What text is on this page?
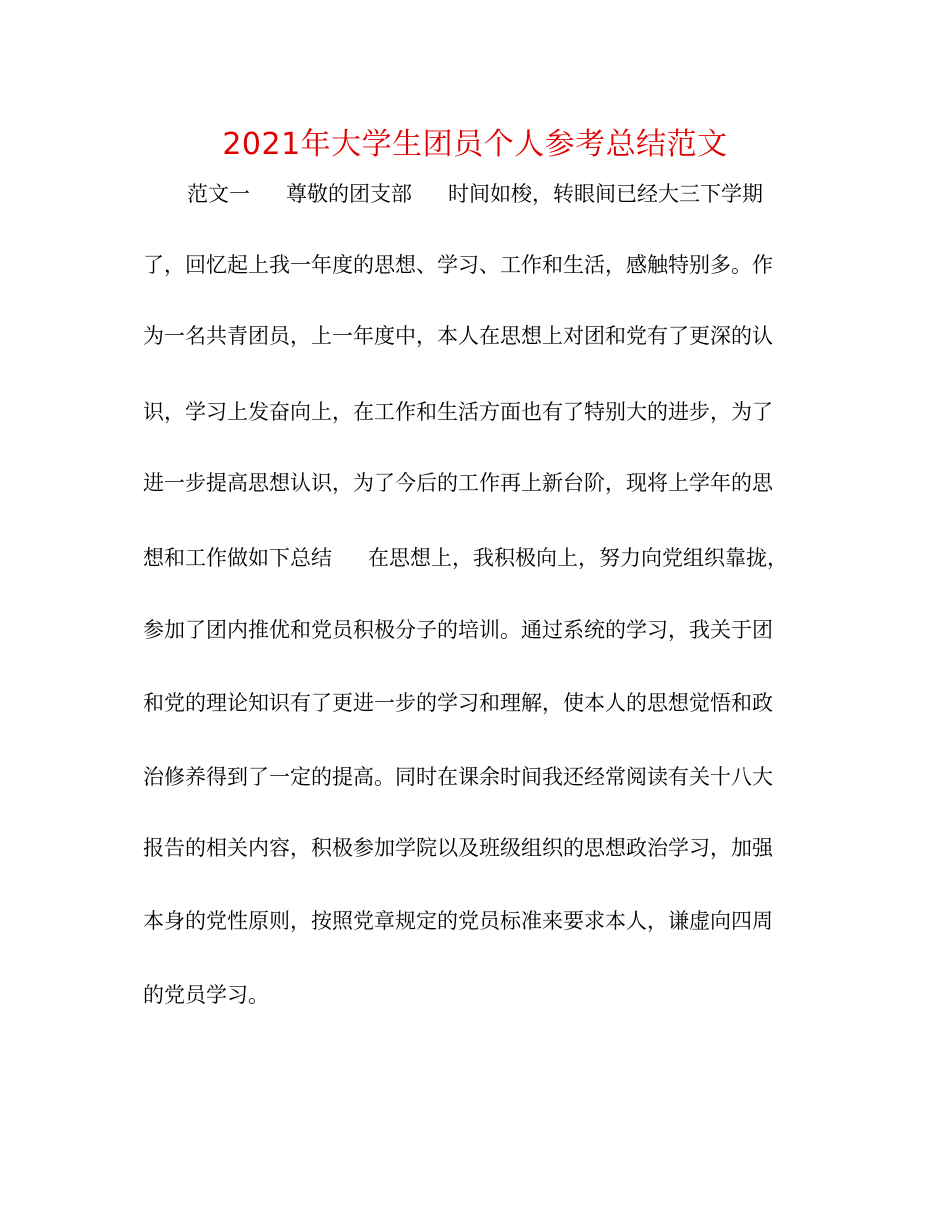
2021年大学生团员个人参考总结范文
范文一 尊敬的团支部 时间如梭，转眼间已经大三下学期
了，回忆起上我一年度的思想、学习、工作和生活，感触特别多。作
为一名共青团员，上一年度中，本人在思想上对团和党有了更深的认
识，学习上发奋向上，在工作和生活方面也有了特别大的进步，为了
进一步提高思想认识，为了今后的工作再上新台阶，现将上学年的思
想和工作做如下总结 在思想上，我积极向上，努力向党组织靠拢，
参加了团内推优和党员积极分子的培训。通过系统的学习，我关于团
和党的理论知识有了更进一步的学习和理解，使本人的思想觉悟和政
治修养得到了一定的提高。同时在课余时间我还经常阅读有关十八大
报告的相关内容，积极参加学院以及班级组织的思想政治学习，加强
本身的党性原则，按照党章规定的党员标准来要求本人，谦虚向四周
的党员学习。
